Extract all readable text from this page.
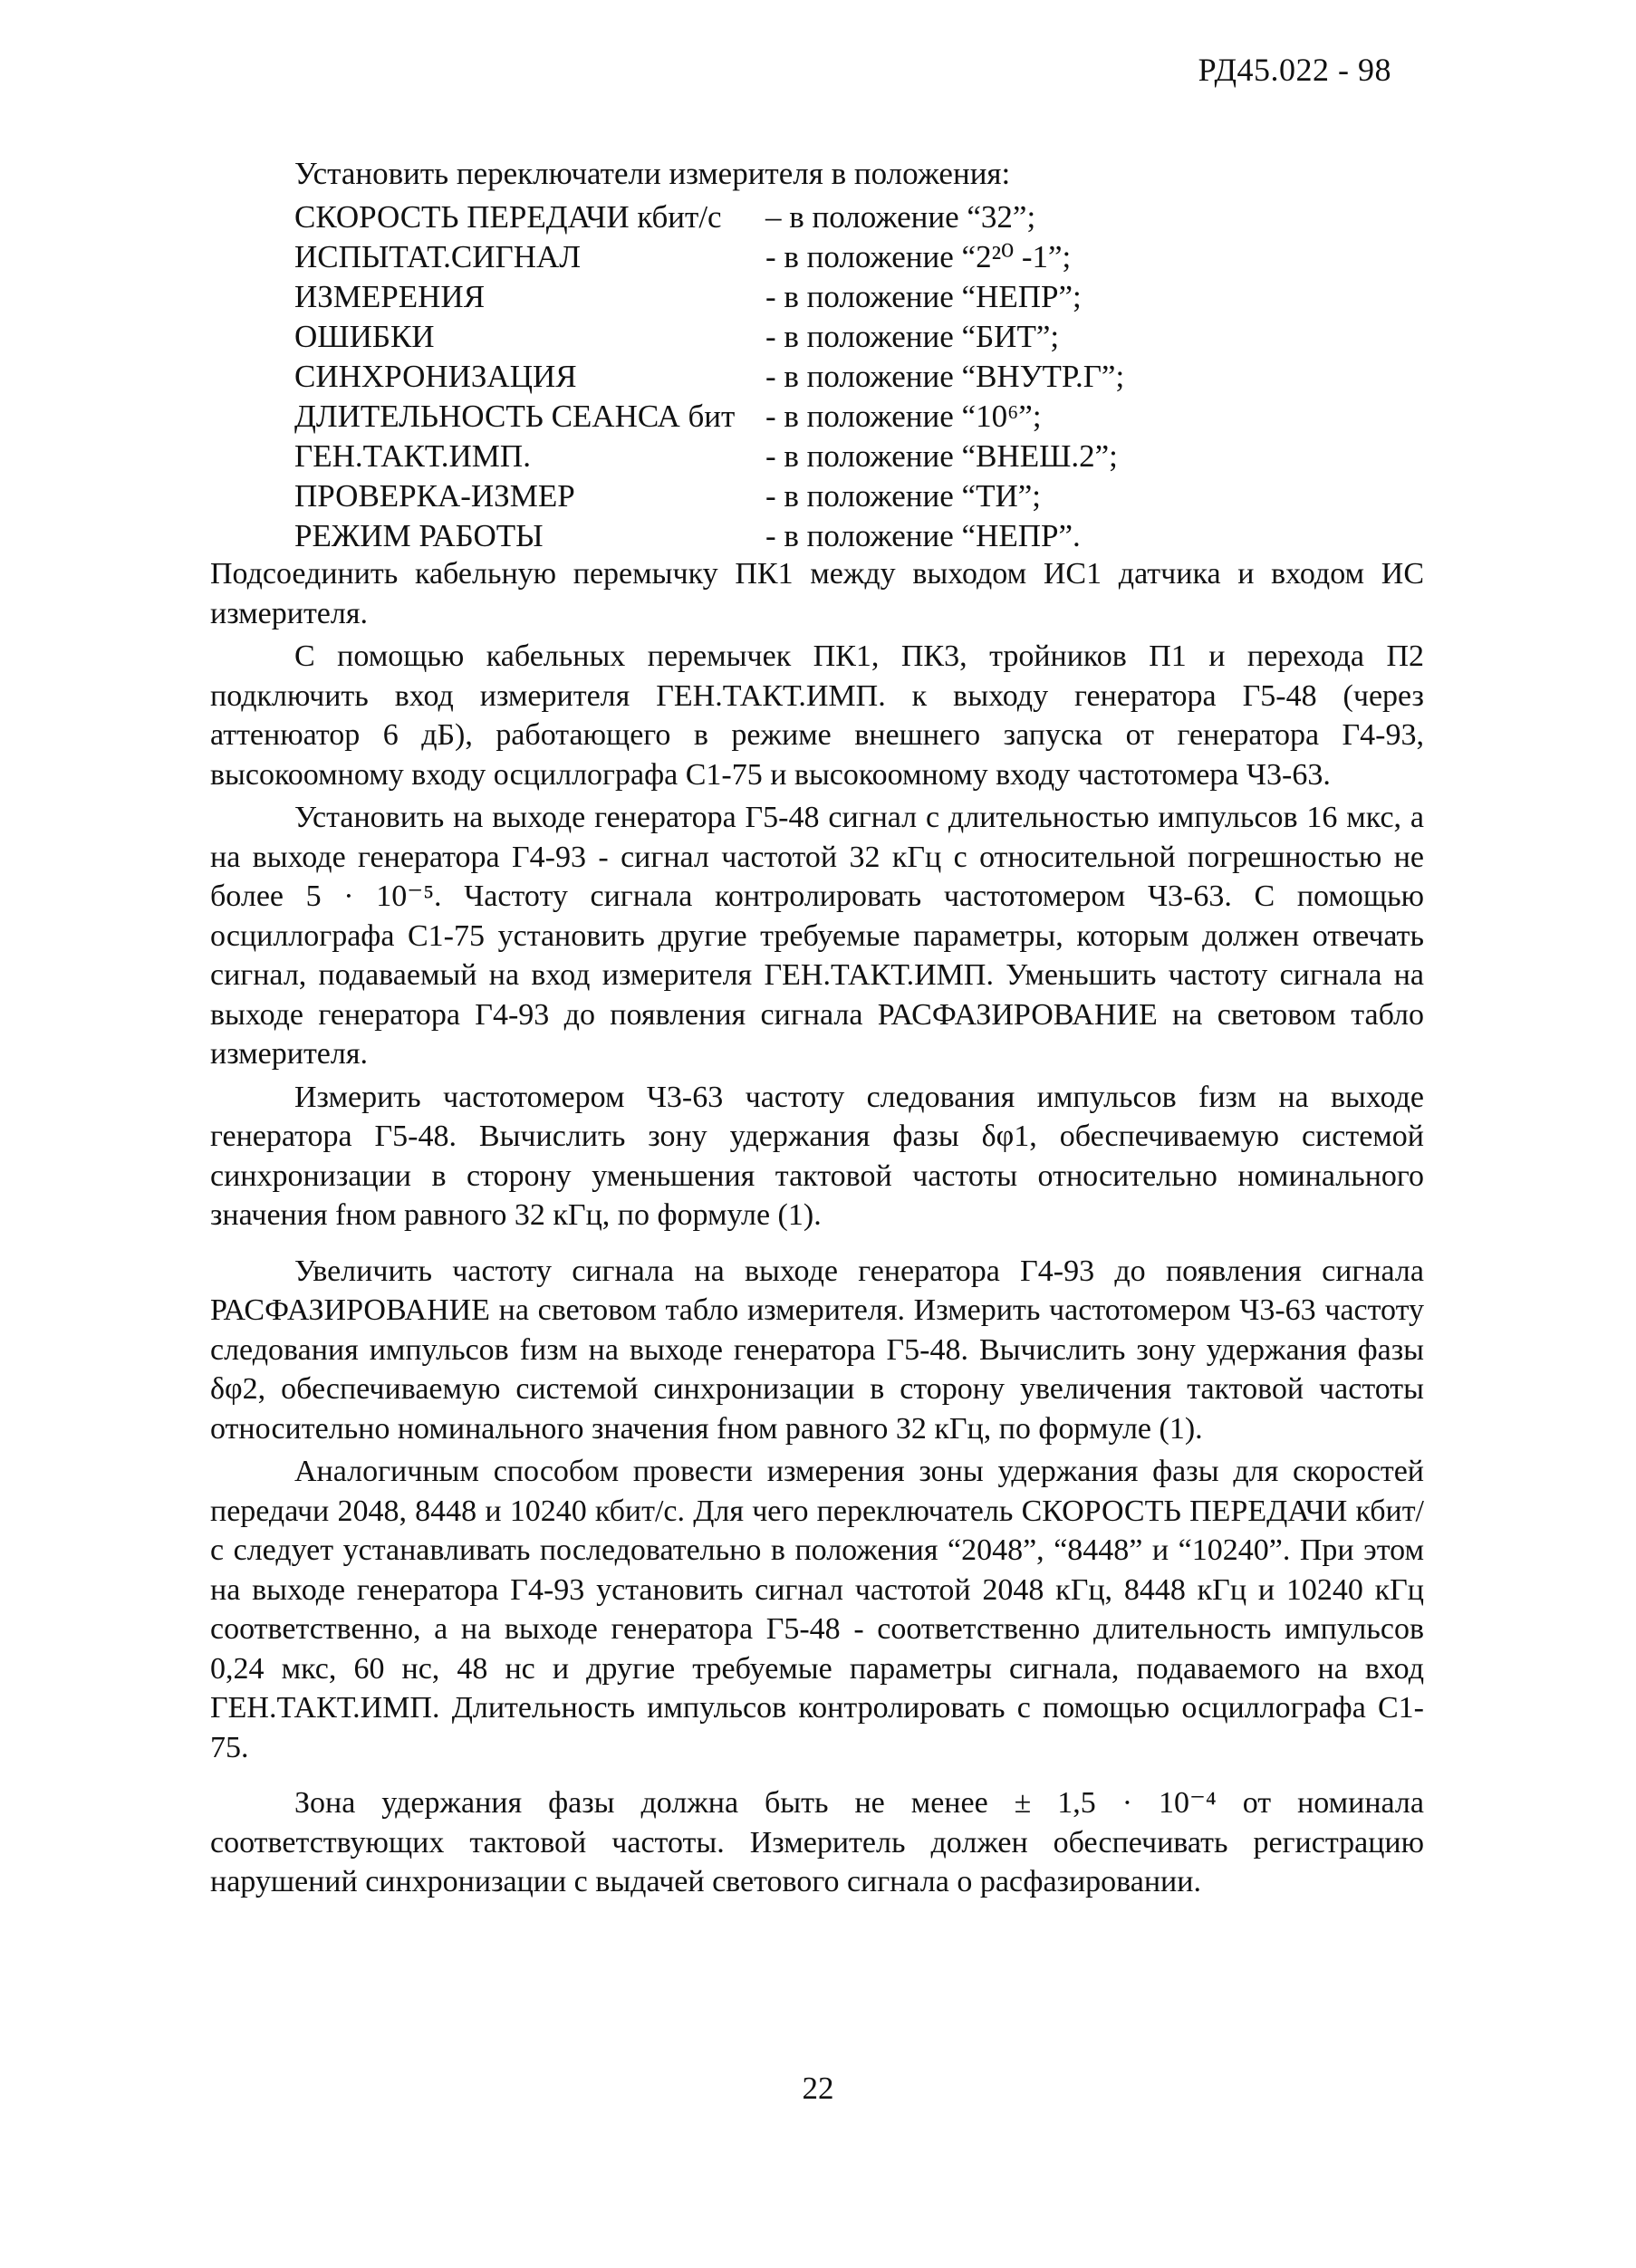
РД45.022 - 98

Установить переключатели измерителя в положения:

СКОРОСТЬ ПЕРЕДАЧИ кбит/с	– в положение “32”;
ИСПЫТАТ.СИГНАЛ	- в положение “2²⁰ -1”;
ИЗМЕРЕНИЯ	- в положение “НЕПР”;
ОШИБКИ	- в положение “БИТ”;
СИНХРОНИЗАЦИЯ	- в положение “ВНУТР.Г”;
ДЛИТЕЛЬНОСТЬ СЕАНСА бит - в положение “10⁶”;
ГЕН.ТАКТ.ИМП.	- в положение “ВНЕШ.2”;
ПРОВЕРКА-ИЗМЕР	- в положение “ТИ”;
РЕЖИМ РАБОТЫ	- в положение “НЕПР”.

Подсоединить кабельную перемычку ПК1 между выходом ИС1 датчика и входом ИС измерителя.

С помощью кабельных перемычек ПК1, ПК3, тройников П1 и перехода П2 подключить вход измерителя ГЕН.ТАКТ.ИМП. к выходу генератора Г5-48 (через аттенюатор 6 дБ), работающего в режиме внешнего запуска от генератора Г4-93, высокоомному входу осциллографа С1-75 и высокоомному входу частотомера Ч3-63.

Установить на выходе генератора Г5-48 сигнал с длительностью импульсов 16 мкс, а на выходе генератора Г4-93 - сигнал частотой 32 кГц с относительной погрешностью не более 5 · 10⁻⁵. Частоту сигнала контролировать частотомером Ч3-63. С помощью осциллографа С1-75 установить другие требуемые параметры, которым должен отвечать сигнал, подаваемый на вход измерителя ГЕН.ТАКТ.ИМП. Уменьшить частоту сигнала на выходе генератора Г4-93 до появления сигнала РАСФАЗИРОВАНИЕ на световом табло измерителя.

Измерить частотомером Ч3-63 частоту следования импульсов fизм на выходе генератора Г5-48. Вычислить зону удержания фазы δφ1, обеспечиваемую системой синхронизации в сторону уменьшения тактовой частоты относительно номинального значения fном равного 32 кГц, по формуле (1).

Увеличить частоту сигнала на выходе генератора Г4-93 до появления сигнала РАСФАЗИРОВАНИЕ на световом табло измерителя. Измерить частотомером Ч3-63 частоту следования импульсов fизм на выходе генератора Г5-48. Вычислить зону удержания фазы δφ2, обеспечиваемую системой синхронизации в сторону увеличения тактовой частоты относительно номинального значения fном равного 32 кГц, по формуле (1).

Аналогичным способом провести измерения зоны удержания фазы для скоростей передачи 2048, 8448 и 10240 кбит/с. Для чего переключатель СКОРОСТЬ ПЕРЕДАЧИ кбит/с следует устанавливать последовательно в положения “2048”, “8448” и “10240”. При этом на выходе генератора Г4-93 установить сигнал частотой 2048 кГц, 8448 кГц и 10240 кГц соответственно, а на выходе генератора Г5-48 - соответственно длительность импульсов 0,24 мкс, 60 нс, 48 нс и другие требуемые параметры сигнала, подаваемого на вход ГЕН.ТАКТ.ИМП. Длительность импульсов контролировать с помощью осциллографа С1-75.

Зона удержания фазы должна быть не менее ± 1,5 · 10⁻⁴ от номинала соответствующих тактовой частоты. Измеритель должен обеспечивать регистрацию нарушений синхронизации с выдачей светового сигнала о расфазировании.

22
